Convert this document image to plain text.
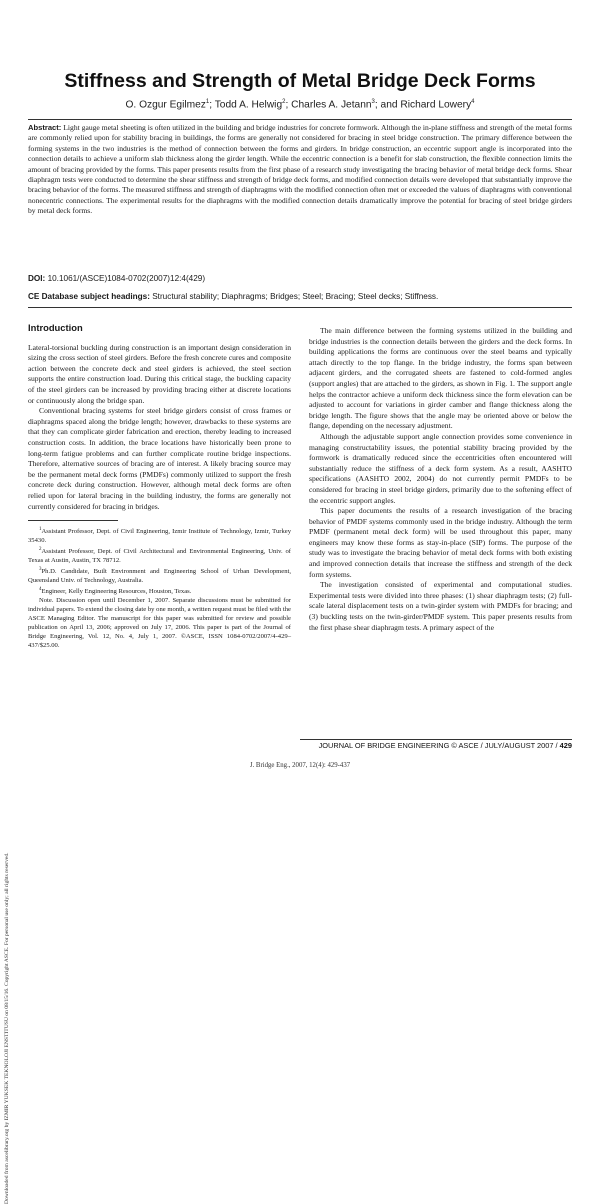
Downloaded from ascelibrary.org by IZMIR YUKSEK TEKNOLOJI ENSTITUSU on 08/15/16. Copyright ASCE. For personal use only; all rights reserved.
Stiffness and Strength of Metal Bridge Deck Forms
O. Ozgur Egilmez$^1$; Todd A. Helwig$^2$; Charles A. Jetann$^3$; and Richard Lowery$^4$
Abstract: Light gauge metal sheeting is often utilized in the building and bridge industries for concrete formwork. Although the in-plane stiffness and strength of the metal forms are commonly relied upon for stability bracing in buildings, the forms are generally not considered for bracing in steel bridge construction. The primary difference between the forming systems in the two industries is the method of connection between the forms and girders. In bridge construction, an eccentric support angle is incorporated into the connection details to achieve a uniform slab thickness along the girder length. While the eccentric connection is a benefit for slab construction, the flexible connection limits the amount of bracing provided by the forms. This paper presents results from the first phase of a research study investigating the bracing behavior of metal bridge deck forms. Shear diaphragm tests were conducted to determine the shear stiffness and strength of bridge deck forms, and modified connection details were developed that substantially improve the bracing behavior of the forms. The measured stiffness and strength of diaphragms with the modified connection often met or exceeded the values of diaphragms with conventional nonecentric connections. The experimental results for the diaphragms with the modified connection details dramatically improve the potential for bracing of steel bridge girders by metal deck forms.
DOI: 10.1061/(ASCE)1084-0702(2007)12:4(429)
CE Database subject headings: Structural stability; Diaphragms; Bridges; Steel; Bracing; Steel decks; Stiffness.
Introduction

Lateral-torsional buckling during construction is an important design consideration in sizing the cross section of steel girders. Before the fresh concrete cures and composite action between the concrete deck and steel girders is achieved, the steel section supports the entire construction load. During this critical stage, the buckling capacity of the steel girders can be increased by providing bracing either at discrete locations or continuously along the bridge span.

Conventional bracing systems for steel bridge girders consist of cross frames or diaphragms spaced along the bridge length; however, drawbacks to these systems are that they can complicate girder fabrication and erection, thereby leading to increased construction costs. In addition, the brace locations have historically been prone to long-term fatigue problems and can further complicate routine bridge inspections. Therefore, alternative sources of bracing are of interest. A likely bracing source may be the permanent metal deck forms (PMDFs) commonly utilized to support the fresh concrete deck during construction. However, although metal deck forms are often relied upon for lateral bracing in the building industry, the forms are generally not currently considered for bracing in bridges.

$^1$Assistant Professor, Dept. of Civil Engineering, Izmir Institute of Technology, Izmir, Turkey 35430.

$^2$Assistant Professor, Dept. of Civil Architectural and Environmental Engineering, Univ. of Texas at Austin, Austin, TX 78712.

$^3$Ph.D. Candidate, Built Environment and Engineering School of Urban Development, Queensland Univ. of Technology, Australia.

$^4$Engineer, Kelly Engineering Resources, Houston, Texas.

Note. Discussion open until December 1, 2007. Separate discussions must be submitted for individual papers. To extend the closing date by one month, a written request must be filed with the ASCE Managing Editor. The manuscript for this paper was submitted for review and possible publication on April 13, 2006; approved on July 17, 2006. This paper is part of the Journal of Bridge Engineering, Vol. 12, No. 4, July 1, 2007. ©ASCE, ISSN 1084-0702/2007/4-429–437/$25.00.

The main difference between the forming systems utilized in the building and bridge industries is the connection details between the girders and the deck forms. In building applications the forms are continuous over the steel beams and typically attach directly to the top flange. In the bridge industry, the forms span between adjacent girders, and the corrugated sheets are fastened to cold-formed angles (support angles) that are attached to the girders, as shown in Fig. 1. The support angle helps the contractor achieve a uniform deck thickness since the form elevation can be adjusted to account for variations in girder camber and flange thickness along the bridge length. The figure shows that the angle may be oriented above or below the flange, depending on the necessary adjustment.

Although the adjustable support angle connection provides some convenience in managing constructability issues, the potential stability bracing provided by the formwork is dramatically reduced since the eccentricities often encountered will substantially reduce the stiffness of a deck form system. As a result, AASHTO specifications (AASHTO 2002, 2004) do not currently permit PMDFs to be considered for bracing in steel bridge girders, primarily due to the softening effect of the eccentric support angles.

This paper documents the results of a research investigation of the bracing behavior of PMDF systems commonly used in the bridge industry. Although the term PMDF (permanent metal deck form) will be used throughout this paper, many engineers may know these forms as stay-in-place (SIP) forms. The purpose of the study was to investigate the bracing behavior of metal deck forms with both existing and improved connection details that increase the stiffness and strength of the deck form systems.

The investigation consisted of experimental and computational studies. Experimental tests were divided into three phases: (1) shear diaphragm tests; (2) full-scale lateral displacement tests on a twin-girder system with PMDFs for bracing; and (3) buckling tests on the twin-girder/PMDF system. This paper presents results from the first phase shear diaphragm tests. A primary aspect of the

JOURNAL OF BRIDGE ENGINEERING © ASCE / JULY/AUGUST 2007 / 429
J. Bridge Eng., 2007, 12(4): 429-437
